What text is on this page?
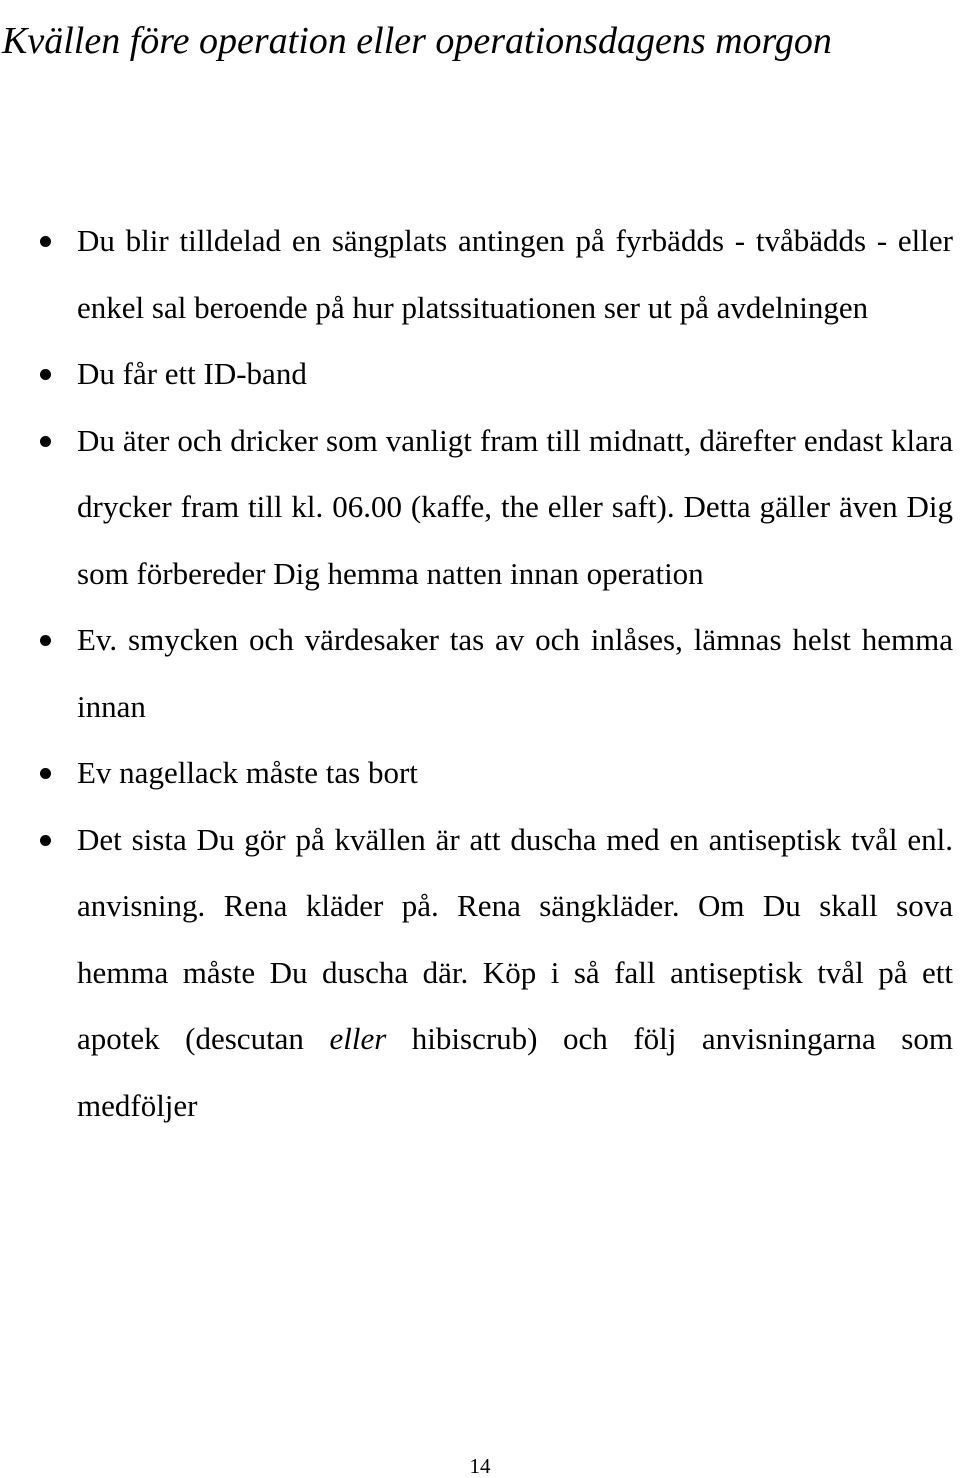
Kvällen före operation eller operationsdagens morgon
Du blir tilldelad en sängplats antingen på fyrbädds - tvåbädds - eller enkel sal beroende på hur platssituationen ser ut på avdelningen
Du får ett ID-band
Du äter och dricker som vanligt fram till midnatt, därefter endast klara drycker fram till kl. 06.00 (kaffe, the eller saft). Detta gäller även Dig som förbereder Dig hemma natten innan operation
Ev. smycken och värdesaker tas av och inlåses, lämnas helst hemma innan
Ev nagellack måste tas bort
Det sista Du gör på kvällen är att duscha med en antiseptisk tvål enl. anvisning. Rena kläder på. Rena sängkläder. Om Du skall sova hemma måste Du duscha där. Köp i så fall antiseptisk tvål på ett apotek (descutan eller hibiscrub) och följ anvisningarna som medföljer
14
